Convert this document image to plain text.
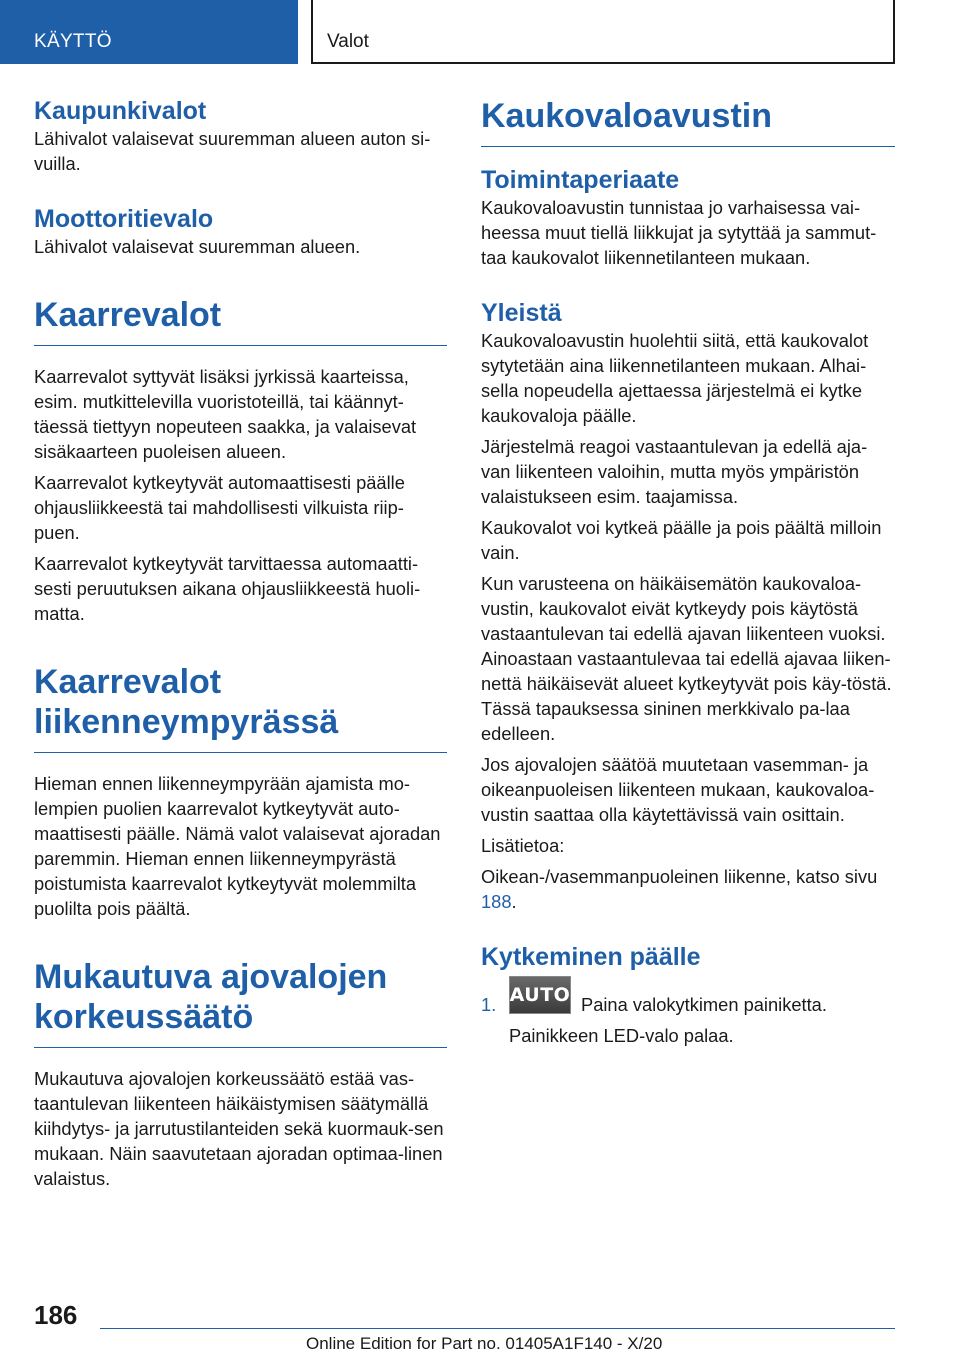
KÄYTTÖ	Valot
Kaupunkivalot

Lähivalot valaisevat suuremman alueen auton si‐vuilla.

Moottoritievalo

Lähivalot valaisevat suuremman alueen.

Kaarrevalot

Kaarrevalot syttyvät lisäksi jyrkissä kaarteissa, esim. mutkittelevilla vuoristoteillä, tai käännyt‐täessä tiettyyn nopeuteen saakka, ja valaisevat sisäkaarteen puoleisen alueen.

Kaarrevalot kytkeytyvät automaattisesti päälle ohjausliikkeestä tai mahdollisesti vilkuista riip‐puen.

Kaarrevalot kytkeytyvät tarvittaessa automaatti‐sesti peruutuksen aikana ohjausliikkeestä huoli‐matta.

Kaarrevalot liikenneympyrässä

Hieman ennen liikenneympyrään ajamista mo‐lempien puolien kaarrevalot kytkeytyvät auto‐maattisesti päälle. Nämä valot valaisevat ajoradan paremmin. Hieman ennen liikenneympyrästä poistumista kaarrevalot kytkeytyvät molemmilta puolilta pois päältä.

Mukautuva ajovalojen korkeussäätö

Mukautuva ajovalojen korkeussäätö estää vas‐taantulevan liikenteen häikäistymisen säätymällä kiihdytys- ja jarrutustilanteiden sekä kuormauk‐sen mukaan. Näin saavutetaan ajoradan optimaa‐linen valaistus.

Kaukovaloavustin
Toimintaperiaate

Kaukovaloavustin tunnistaa jo varhaisessa vai‐heessa muut tiellä liikkujat ja sytyttää ja sammut‐taa kaukovalot liikennetilanteen mukaan.

Yleistä

Kaukovaloavustin huolehtii siitä, että kaukovalot sytytetään aina liikennetilanteen mukaan. Alhai‐sella nopeudella ajettaessa järjestelmä ei kytke kaukovaloja päälle.

Järjestelmä reagoi vastaantulevan ja edellä aja‐van liikenteen valoihin, mutta myös ympäristön valaistukseen esim. taajamissa.

Kaukovalot voi kytkeä päälle ja pois päältä milloin vain.

Kun varusteena on häikäisemätön kaukovaloa‐vustin, kaukovalot eivät kytkeydy pois käytöstä vastaantulevan tai edellä ajavan liikenteen vuoksi. Ainoastaan vastaantulevaa tai edellä ajavaa liiken‐nettä häikäisevät alueet kytkeytyvät pois käy‐töstä. Tässä tapauksessa sininen merkkivalo pa‐laa edelleen.

Jos ajovalojen säätöä muutetaan vasemman- ja oikeanpuoleisen liikenteen mukaan, kaukovaloa‐vustin saattaa olla käytettävissä vain osittain.

Lisätietoa:

Oikean-/vasemmanpuoleinen liikenne, katso sivu 188.

Kytkeminen päälle
1. AUTO Paina valokytkimen painiketta.
Painikkeen LED-valo palaa.
186
Online Edition for Part no. 01405A1F140 - X/20
